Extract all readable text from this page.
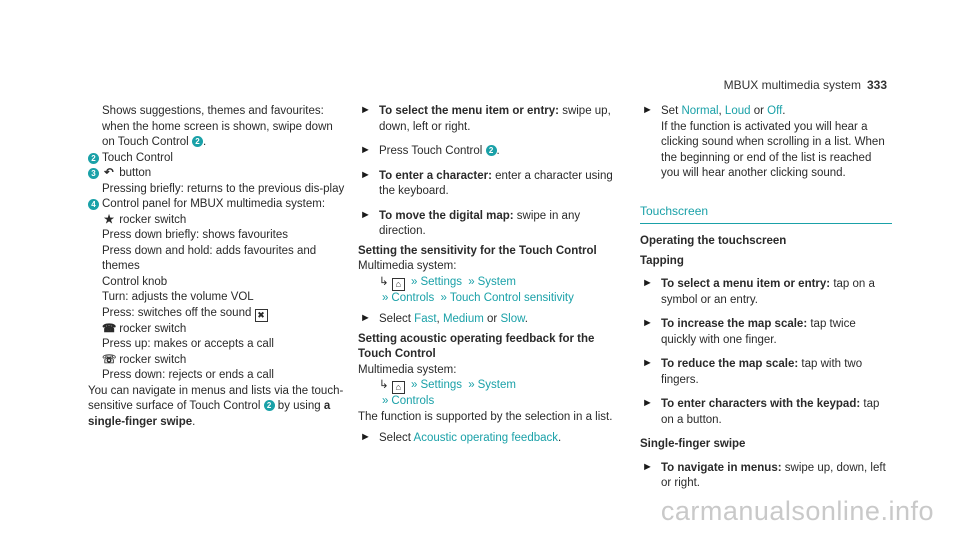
MBUX multimedia system 333
Shows suggestions, themes and favourites: when the home screen is shown, swipe down on Touch Control 2 .
2 Touch Control
3 ↶ button
Pressing briefly: returns to the previous dis-play
4 Control panel for MBUX multimedia system:
★ rocker switch
Press down briefly: shows favourites
Press down and hold: adds favourites and themes
Control knob
Turn: adjusts the volume VOL
Press: switches off the sound ✖
☎ rocker switch
Press up: makes or accepts a call
☏ rocker switch
Press down: rejects or ends a call
You can navigate in menus and lists via the touch-sensitive surface of Touch Control 2 by using a single-finger swipe.
► To select the menu item or entry: swipe up, down, left or right.
► Press Touch Control 2 .
► To enter a character: enter a character using the keyboard.
► To move the digital map: swipe in any direction.
Setting the sensitivity for the Touch Control
Multimedia system:
↳ ⌂ » Settings » System
» Controls » Touch Control sensitivity
► Select Fast, Medium or Slow.
Setting acoustic operating feedback for the Touch Control
Multimedia system:
↳ ⌂ » Settings » System
» Controls
The function is supported by the selection in a list.
► Select Acoustic operating feedback.
► Set Normal, Loud or Off.
If the function is activated you will hear a clicking sound when scrolling in a list. When the beginning or end of the list is reached you will hear another clicking sound.
Touchscreen
Operating the touchscreen
Tapping
► To select a menu item or entry: tap on a symbol or an entry.
► To increase the map scale: tap twice quickly with one finger.
► To reduce the map scale: tap with two fingers.
► To enter characters with the keypad: tap on a button.
Single-finger swipe
► To navigate in menus: swipe up, down, left or right.
carmanualsonline.info
